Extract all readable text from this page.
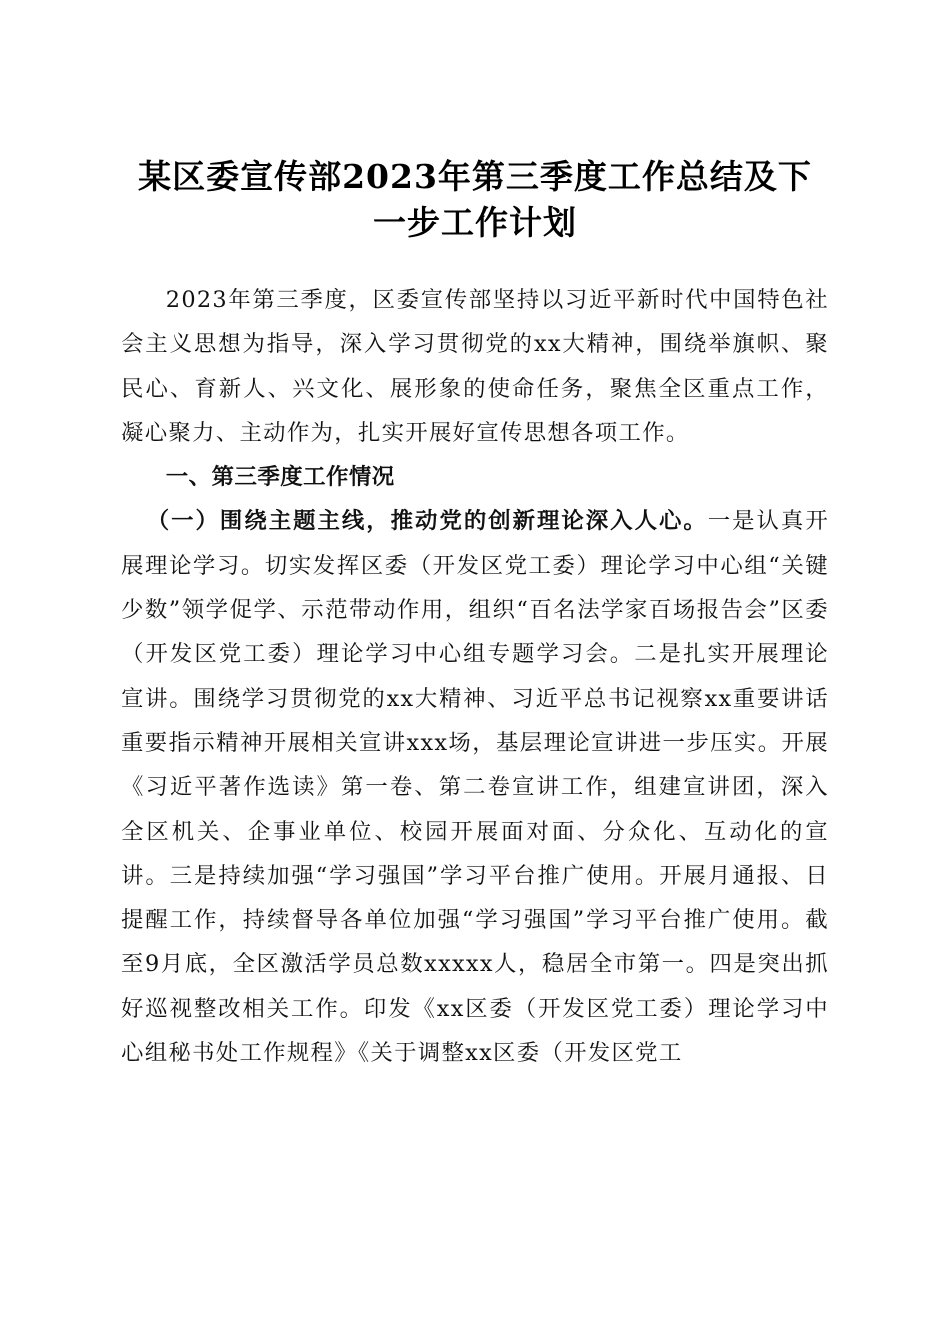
某区委宣传部2023年第三季度工作总结及下
一步工作计划

2023年第三季度，区委宣传部坚持以习近平新时代中国特色社会主义思想为指导，深入学习贯彻党的xx大精神，围绕举旗帜、聚民心、育新人、兴文化、展形象的使命任务，聚焦全区重点工作，凝心聚力、主动作为，扎实开展好宣传思想各项工作。

一、第三季度工作情况

（一）围绕主题主线，推动党的创新理论深入人心。一是认真开展理论学习。切实发挥区委（开发区党工委）理论学习中心组“关键少数”领学促学、示范带动作用，组织“百名法学家百场报告会”区委（开发区党工委）理论学习中心组专题学习会。二是扎实开展理论宣讲。围绕学习贯彻党的xx大精神、习近平总书记视察xx重要讲话重要指示精神开展相关宣讲xxx场，基层理论宣讲进一步压实。开展《习近平著作选读》第一卷、第二卷宣讲工作，组建宣讲团，深入全区机关、企事业单位、校园开展面对面、分众化、互动化的宣讲。三是持续加强“学习强国”学习平台推广使用。开展月通报、日提醒工作，持续督导各单位加强“学习强国”学习平台推广使用。截至9月底，全区激活学员总数xxxxx人，稳居全市第一。四是突出抓好巡视整改相关工作。印发《xx区委（开发区党工委）理论学习中心组秘书处工作规程》《关于调整xx区委（开发区党工
